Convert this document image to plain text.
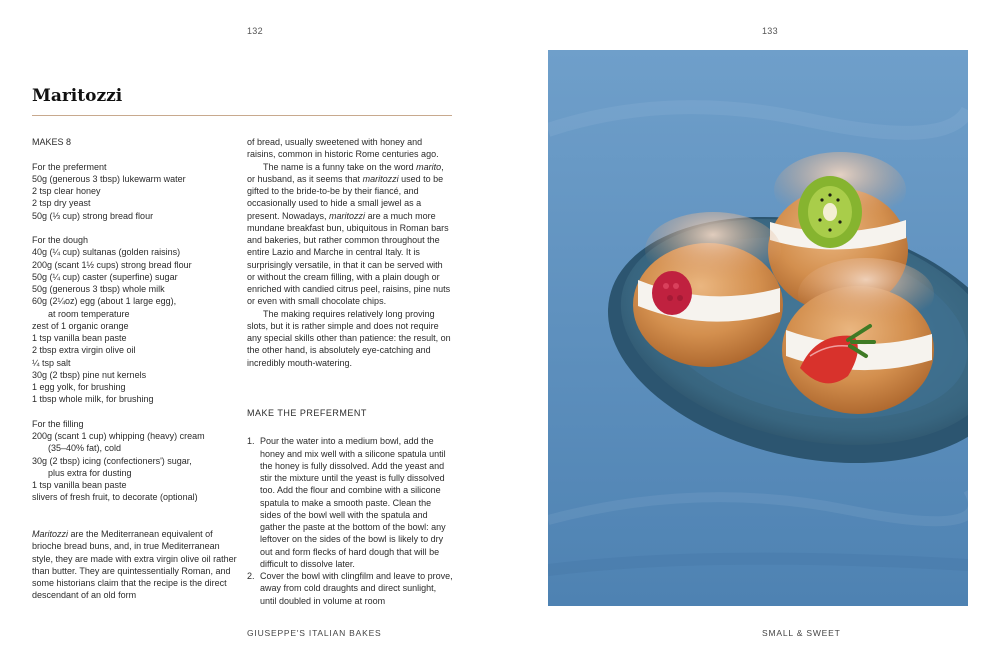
132	133
Maritozzi

MAKES 8

For the preferment

50g (generous 3 tbsp) lukewarm water

2 tsp clear honey

2 tsp dry yeast

50g (⅓ cup) strong bread flour

For the dough

40g (¼ cup) sultanas (golden raisins)

200g (scant 1½ cups) strong bread flour

50g (¼ cup) caster (superfine) sugar

50g (generous 3 tbsp) whole milk

60g (2¼oz) egg (about 1 large egg),

at room temperature

zest of 1 organic orange

1 tsp vanilla bean paste

2 tbsp extra virgin olive oil

¼ tsp salt

30g (2 tbsp) pine nut kernels

1 egg yolk, for brushing

1 tbsp whole milk, for brushing

For the filling

200g (scant 1 cup) whipping (heavy) cream

(35–40% fat), cold

30g (2 tbsp) icing (confectioners') sugar,

plus extra for dusting

1 tsp vanilla bean paste

slivers of fresh fruit, to decorate (optional)

Maritozzi are the Mediterranean equivalent of brioche bread buns, and, in true Mediterranean style, they are made with extra virgin olive oil rather than butter. They are quintessentially Roman, and some historians claim that the recipe is the direct descendant of an old form

of bread, usually sweetened with honey and raisins, common in historic Rome centuries ago.

The name is a funny take on the word marito, or husband, as it seems that maritozzi used to be gifted to the bride-to-be by their fiancé, and occasionally used to hide a small jewel as a present. Nowadays, maritozzi are a much more mundane breakfast bun, ubiquitous in Roman bars and bakeries, but rather common throughout the entire Lazio and Marche in central Italy. It is surprisingly versatile, in that it can be served with or without the cream filling, with a plain dough or enriched with candied citrus peel, raisins, pine nuts or even with small chocolate chips.

The making requires relatively long proving slots, but it is rather simple and does not require any special skills other than patience: the result, on the other hand, is absolutely eye-catching and incredibly mouth-watering.

MAKE THE PREFERMENT

1. Pour the water into a medium bowl, add the honey and mix well with a silicone spatula until the honey is fully dissolved. Add the yeast and stir the mixture until the yeast is fully dissolved too. Add the flour and combine with a silicone spatula to make a smooth paste. Clean the sides of the bowl well with the spatula and gather the paste at the bottom of the bowl: any leftover on the sides of the bowl is likely to dry out and form flecks of hard dough that will be difficult to dissolve later.
2. Cover the bowl with clingfilm and leave to prove, away from cold draughts and direct sunlight, until doubled in volume at room
GIUSEPPE'S ITALIAN BAKES	SMALL & SWEET
